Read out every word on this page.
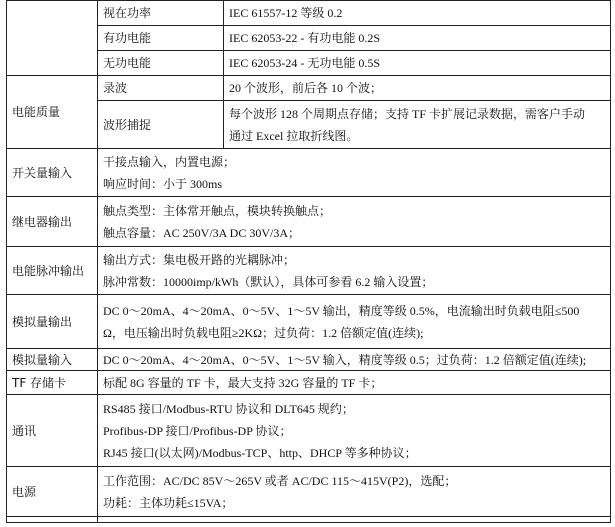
	视在功率	IEC 61557-12 等级 0.2
	有功电能	IEC 62053-22 - 有功电能 0.2S
	无功电能	IEC 62053-24 - 无功电能 0.5S
电能质量	录波	20 个波形，前后各 10 个波；
	波形捕捉	每个波形 128 个周期点存储；支持 TF 卡扩展记录数据，需客户手动
通过 Excel 拉取折线图。

开关量输入	干接点输入，内置电源；
响应时间：小于 300ms	

继电器输出	触点类型：主体常开触点，模块转换触点；
触点容量：AC 250V/3A DC 30V/3A；	

电能脉冲输出	输出方式：集电极开路的光耦脉冲；
脉冲常数：10000imp/kWh（默认），具体可参看 6.2 输入设置；	

模拟量输出	DC 0～20mA、4～20mA、0～5V、1～5V 输出，精度等级 0.5%，电流输出时负载电阻≤500
Ω，电压输出时负载电阻≥2KΩ；过负荷：1.2 倍额定值(连续);	

模拟量输入	DC 0～20mA、4～20mA、0～5V、1～5V 输入，精度等级 0.5；过负荷：1.2 倍额定值(连续);	
TF 存储卡	标配 8G 容量的 TF 卡，最大支持 32G 容量的 TF 卡；	
通讯	RS485 接口/Modbus-RTU 协议和 DLT645 规约；
Profibus-DP 接口/Profibus-DP 协议；
RJ45 接口(以太网)/Modbus-TCP、http、DHCP 等多种协议；	

电源	工作范围：AC/DC 85V～265V 或者 AC/DC 115～415V(P2)，选配；
功耗：主体功耗≤15VA；	
